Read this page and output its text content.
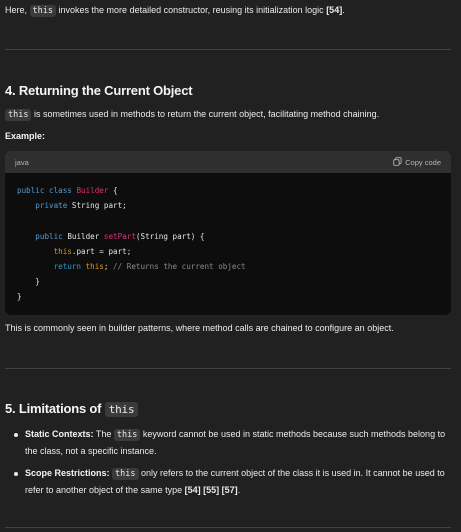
Here, this invokes the more detailed constructor, reusing its initialization logic [54].
4. Returning the Current Object
this is sometimes used in methods to return the current object, facilitating method chaining.
Example:
java	Copy code
public class Builder {
private String part;

public Builder setPart(String part) {
this.part = part;
return this; // Returns the current object
}
}
This is commonly seen in builder patterns, where method calls are chained to configure an object.
5. Limitations of this
Static Contexts: The this keyword cannot be used in static methods because such methods belong to the class, not a specific instance.
Scope Restrictions: this only refers to the current object of the class it is used in. It cannot be used to refer to another object of the same type [54] [55] [57].
